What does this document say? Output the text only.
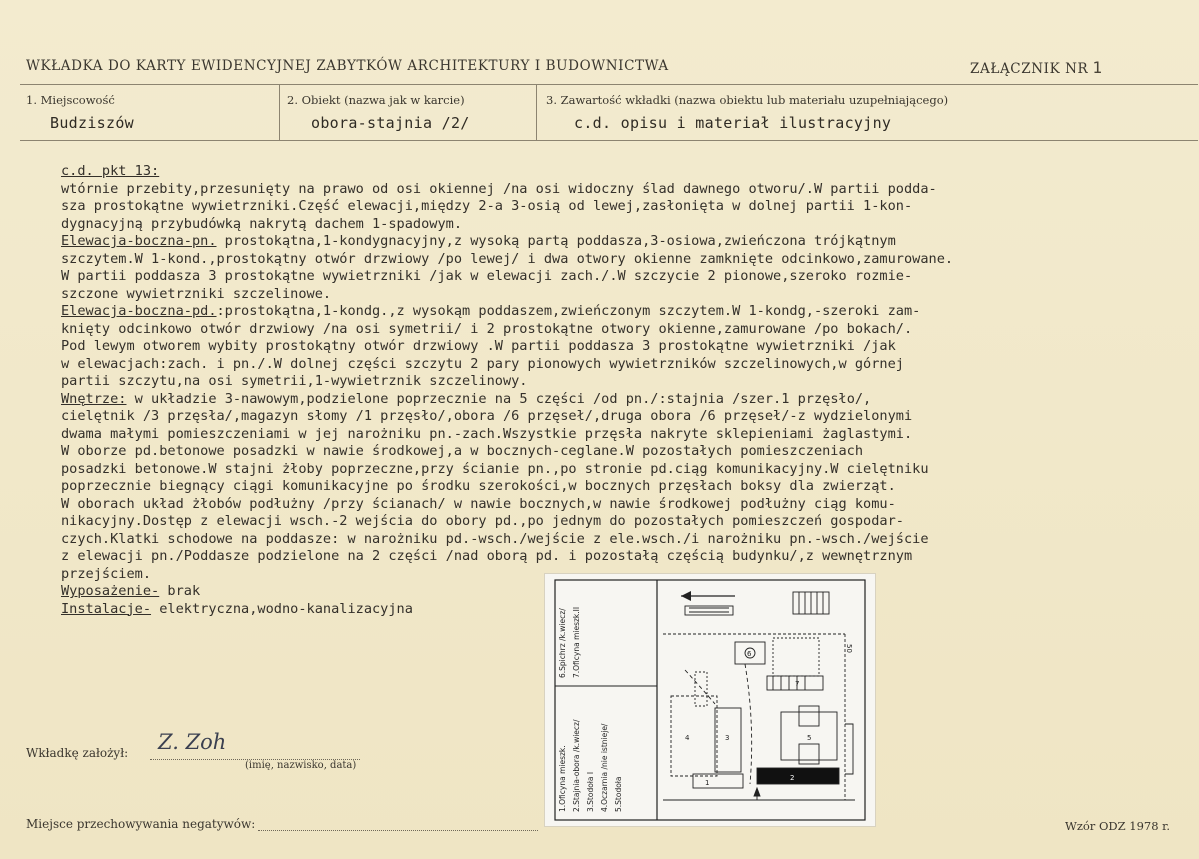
WKŁADKA DO KARTY EWIDENCYJNEJ ZABYTKÓW ARCHITEKTURY I BUDOWNICTWA	ZAŁĄCZNIK NR 1
1. Miejscowość
Budziszów
2. Obiekt (nazwa jak w karcie)
obora-stajnia /2/
3. Zawartość wkładki (nazwa obiektu lub materiału uzupełniającego)
c.d. opisu i materiał ilustracyjny
c.d. pkt 13:
wtórnie przebity,przesunięty na prawo od osi okiennej /na osi widoczny ślad dawnego otworu/.W partii podda-
sza prostokątne wywietrzniki.Część elewacji,między 2-a 3-osią od lewej,zasłonięta w dolnej partii 1-kon-
dygnacyjną przybudówką nakrytą dachem 1-spadowym.
Elewacja-boczna-pn. prostokątna,1-kondygnacyjny,z wysoką partą poddasza,3-osiowa,zwieńczona trójkątnym
szczytem.W 1-kond.,prostokątny otwór drzwiowy /po lewej/ i dwa otwory okienne zamknięte odcinkowo,zamurowane.
W partii poddasza 3 prostokątne wywietrzniki /jak w elewacji zach./.W szczycie 2 pionowe,szeroko rozmie-
szczone wywietrzniki szczelinowe.
Elewacja-boczna-pd.:prostokątna,1-kondg.,z wysokąm poddaszem,zwieńczonym szczytem.W 1-kondg,-szeroki zam-
knięty odcinkowo otwór drzwiowy /na osi symetrii/ i 2 prostokątne otwory okienne,zamurowane /po bokach/.
Pod lewym otworem wybity prostokątny otwór drzwiowy .W partii poddasza 3 prostokątne wywietrzniki /jak
w elewacjach:zach. i pn./.W dolnej części szczytu 2 pary pionowych wywietrzników szczelinowych,w górnej
partii szczytu,na osi symetrii,1-wywietrznik szczelinowy.
Wnętrze: w układzie 3-nawowym,podzielone poprzecznie na 5 części /od pn./:stajnia /szer.1 przęsło/,
cielętnik /3 przęsła/,magazyn słomy /1 przęsło/,obora /6 przęseł/,druga obora /6 przęseł/-z wydzielonymi
dwama małymi pomieszczeniami w jej narożniku pn.-zach.Wszystkie przęsła nakryte sklepieniami żaglastymi.
W oborze pd.betonowe posadzki w nawie środkowej,a w bocznych-ceglane.W pozostałych pomieszczeniach
posadzki betonowe.W stajni żłoby poprzeczne,przy ścianie pn.,po stronie pd.ciąg komunikacyjny.W cielętniku
poprzecznie biegnący ciągi komunikacyjne po środku szerokości,w bocznych przęsłach boksy dla zwierząt.
W oborach układ żłobów podłużny /przy ścianach/ w nawie bocznych,w nawie środkowej podłużny ciąg komu-
nikacyjny.Dostęp z elewacji wsch.-2 wejścia do obory pd.,po jednym do pozostałych pomieszczeń gospodar-
czych.Klatki schodowe na poddasze: w narożniku pd.-wsch./wejście z ele.wsch./i narożniku pn.-wsch./wejście
z elewacji pn./Poddasze podzielone na 2 części /nad oborą pd. i pozostałą częścią budynku/,z wewnętrznym
przejściem.
Wyposażenie- brak
Instalacje- elektryczna,wodno-kanalizacyjna
1.Oficyna mieszk. 2.Stajnia-obora /k.wiecz/ 3.Stodoła I 4.Oczarnia /nie istnieje/ 5.Stodoła
6.Spichrz /k.wiecz/ 7.Oficyna mieszk.II
1
2
3
4	5
6
7
50
Wkładkę założył: Z. Zoh
(imię, nazwisko, data)
Miejsce przechowywania negatywów:	Wzór ODZ 1978 r.
